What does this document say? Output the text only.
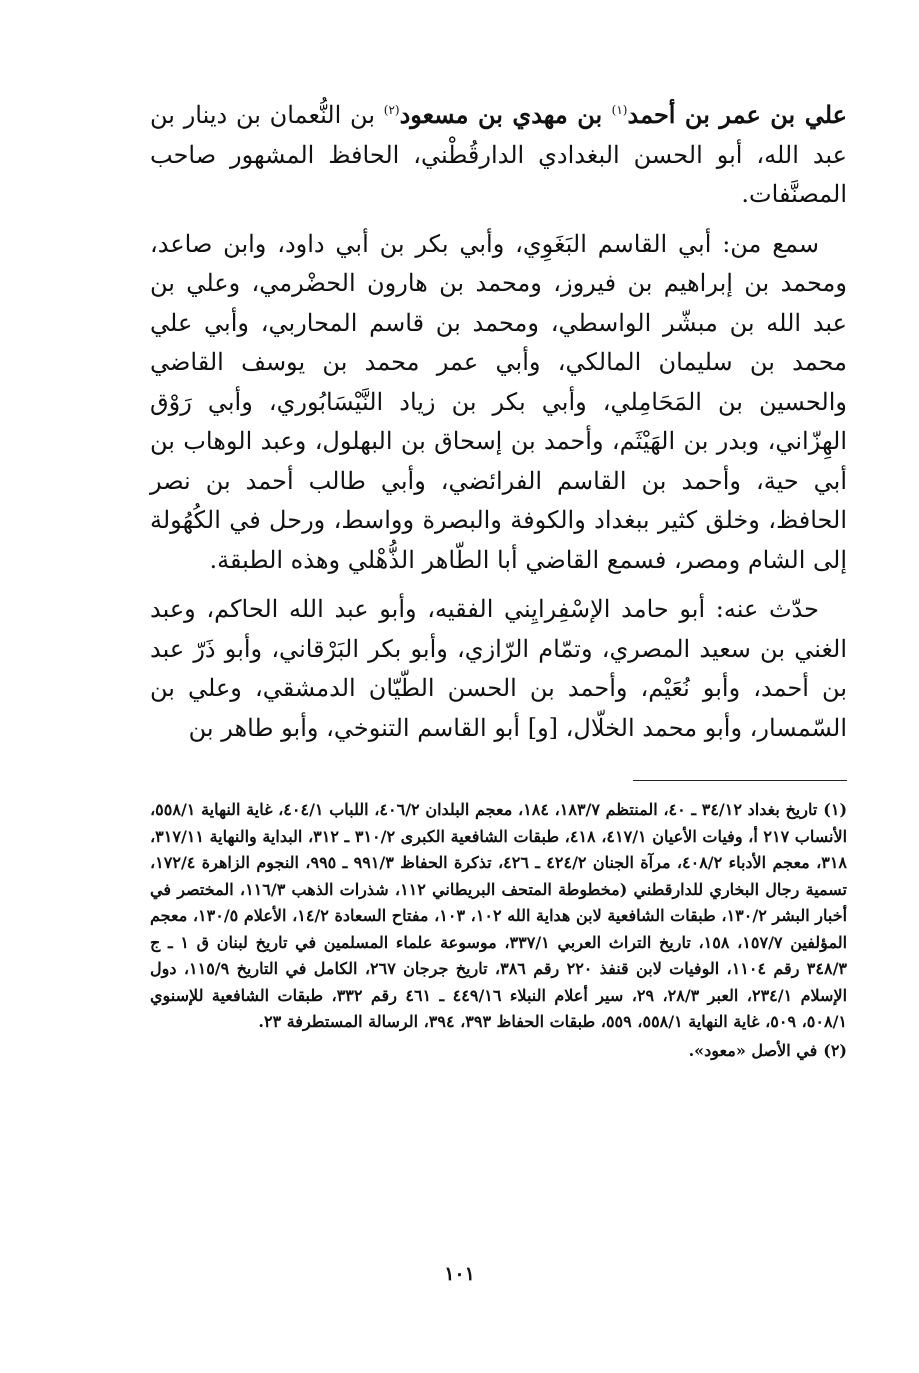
علي بن عمر بن أحمد$^{(١)}$ بن مهدي بن مسعود$^{(٢)}$ بن النُّعمان بن دينار بن عبد الله، أبو الحسن البغدادي الدارقُطْني، الحافظ المشهور صاحب المصنَّفات.

سمع من: أبي القاسم البَغَوِي، وأبي بكر بن أبي داود، وابن صاعد، ومحمد بن إبراهيم بن فيروز، ومحمد بن هارون الحضْرمي، وعلي بن عبد الله بن مبشّر الواسطي، ومحمد بن قاسم المحاربي، وأبي علي محمد بن سليمان المالكي، وأبي عمر محمد بن يوسف القاضي والحسين بن المَحَامِلي، وأبي بكر بن زياد النَّيْسَابُوري، وأبي رَوْق الهِزّاني، وبدر بن الهَيْثَم، وأحمد بن إسحاق بن البهلول، وعبد الوهاب بن أبي حية، وأحمد بن القاسم الفرائضي، وأبي طالب أحمد بن نصر الحافظ، وخلق كثير ببغداد والكوفة والبصرة وواسط، ورحل في الكُهُولة إلى الشام ومصر، فسمع القاضي أبا الطّاهر الذُّهْلي وهذه الطبقة.

حدّث عنه: أبو حامد الإسْفِرايِني الفقيه، وأبو عبد الله الحاكم، وعبد الغني بن سعيد المصري، وتمّام الرّازي، وأبو بكر البَرْقاني، وأبو ذَرّ عبد بن أحمد، وأبو نُعَيْم، وأحمد بن الحسن الطّيّان الدمشقي، وعلي بن السّمسار، وأبو محمد الخلّال، [و] أبو القاسم التنوخي، وأبو طاهر بن

(١)تاريخ بغداد ٣٤/١٢ ـ ٤٠، المنتظم ١٨٣/٧، ١٨٤، معجم البلدان ٤٠٦/٢، اللباب ٤٠٤/١، غاية النهاية ٥٥٨/١، الأنساب ٢١٧ أ، وفيات الأعيان ٤١٧/١، ٤١٨، طبقات الشافعية الكبرى ٣١٠/٢ ـ ٣١٢، البداية والنهاية ٣١٧/١١، ٣١٨، معجم الأدباء ٤٠٨/٢، مرآة الجنان ٤٢٤/٢ ـ ٤٢٦، تذكرة الحفاظ ٩٩١/٣ ـ ٩٩٥، النجوم الزاهرة ١٧٢/٤، تسمية رجال البخاري للدارقطني (مخطوطة المتحف البريطاني ١١٢، شذرات الذهب ١١٦/٣، المختصر في أخبار البشر ١٣٠/٢، طبقات الشافعية لابن هداية الله ١٠٢، ١٠٣، مفتاح السعادة ١٤/٢، الأعلام ١٣٠/٥، معجم المؤلفين ١٥٧/٧، ١٥٨، تاريخ التراث العربي ٣٣٧/١، موسوعة علماء المسلمين في تاريخ لبنان ق ١ ـ ج ٣٤٨/٣ رقم ١١٠٤، الوفيات لابن قنفذ ٢٢٠ رقم ٣٨٦، تاريخ جرجان ٢٦٧، الكامل في التاريخ ١١٥/٩، دول الإسلام ٢٣٤/١، العبر ٢٨/٣، ٢٩، سير أعلام النبلاء ٤٤٩/١٦ ـ ٤٦١ رقم ٣٣٢، طبقات الشافعية للإسنوي ٥٠٨/١، ٥٠٩، غاية النهاية ٥٥٨/١، ٥٥٩، طبقات الحفاظ ٣٩٣، ٣٩٤، الرسالة المستطرفة ٢٣.

(٢)في الأصل «معود».

١٠١
